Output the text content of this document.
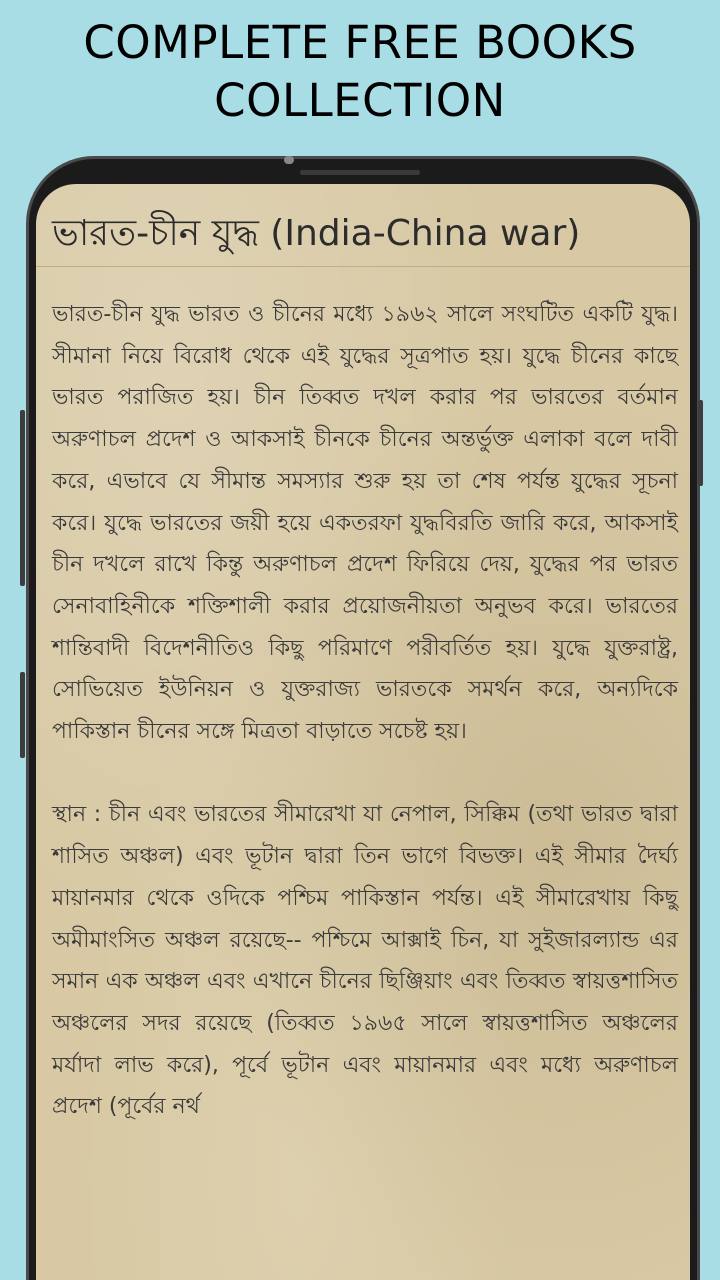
COMPLETE FREE BOOKS COLLECTION
ভারত-চীন যুদ্ধ (India-China war)

ভারত-চীন যুদ্ধ ভারত ও চীনের মধ্যে ১৯৬২ সালে সংঘটিত একটি যুদ্ধ। সীমানা নিয়ে বিরোধ থেকে এই যুদ্ধের সূত্রপাত হয়। যুদ্ধে চীনের কাছে ভারত পরাজিত হয়। চীন তিব্বত দখল করার পর ভারতের বর্তমান অরুণাচল প্রদেশ ও আকসাই চীনকে চীনের অন্তর্ভুক্ত এলাকা বলে দাবী করে, এভাবে যে সীমান্ত সমস্যার শুরু হয় তা শেষ পর্যন্ত যুদ্ধের সূচনা করে। যুদ্ধে ভারতের জয়ী হয়ে একতরফা যুদ্ধবিরতি জারি করে, আকসাই চীন দখলে রাখে কিন্তু অরুণাচল প্রদেশ ফিরিয়ে দেয়, যুদ্ধের পর ভারত সেনাবাহিনীকে শক্তিশালী করার প্রয়োজনীয়তা অনুভব করে। ভারতের শান্তিবাদী বিদেশনীতিও কিছু পরিমাণে পরীবর্তিত হয়। যুদ্ধে যুক্তরাষ্ট্র, সোভিয়েত ইউনিয়ন ও যুক্তরাজ্য ভারতকে সমর্থন করে, অন্যদিকে পাকিস্তান চীনের সঙ্গে মিত্রতা বাড়াতে সচেষ্ট হয়।

স্থান : চীন এবং ভারতের সীমারেখা যা নেপাল, সিক্কিম (তথা ভারত দ্বারা শাসিত অঞ্চল) এবং ভূটান দ্বারা তিন ভাগে বিভক্ত। এই সীমার দৈর্ঘ্য মায়ানমার থেকে ওদিকে পশ্চিম পাকিস্তান পর্যন্ত। এই সীমারেখায় কিছু অমীমাংসিত অঞ্চল রয়েছে-- পশ্চিমে আক্সাই চিন, যা সুইজারল্যান্ড এর সমান এক অঞ্চল এবং এখানে চীনের ছিঞ্জিয়াং এবং তিব্বত স্বায়ত্তশাসিত অঞ্চলের সদর রয়েছে (তিব্বত ১৯৬৫ সালে স্বায়ত্তশাসিত অঞ্চলের মর্যাদা লাভ করে), পূর্বে ভূটান এবং মায়ানমার এবং মধ্যে অরুণাচল প্রদেশ (পূর্বের নর্থ
